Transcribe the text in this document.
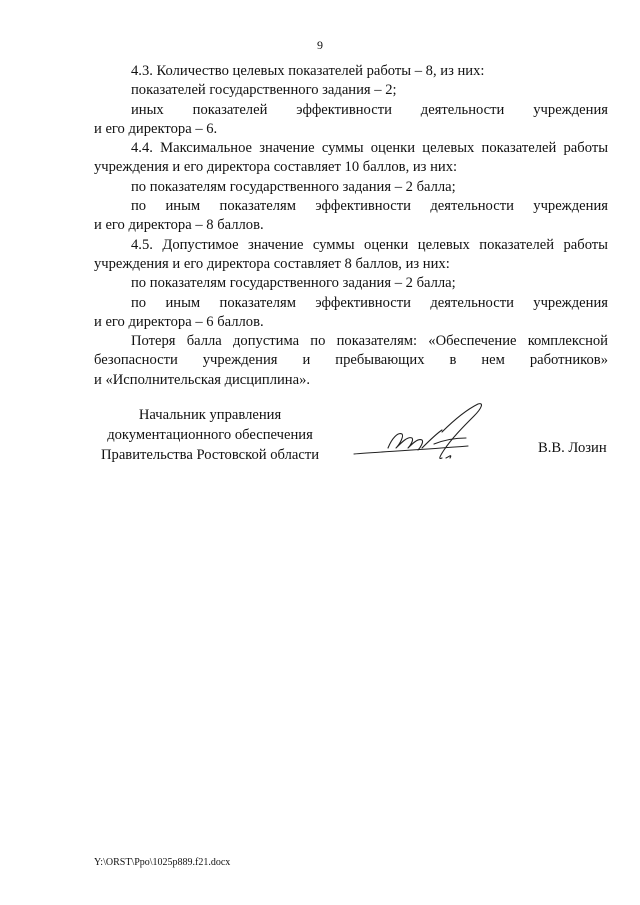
9

4.3. Количество целевых показателей работы – 8, из них:

показателей государственного задания – 2;

иных показателей эффективности деятельности учреждения

и его директора – 6.

4.4. Максимальное значение суммы оценки целевых показателей работы учреждения и его директора составляет 10 баллов, из них:

по показателям государственного задания – 2 балла;

по иным показателям эффективности деятельности учреждения

и его директора – 8 баллов.

4.5. Допустимое значение суммы оценки целевых показателей работы учреждения и его директора составляет 8 баллов, из них:

по показателям государственного задания – 2 балла;

по иным показателям эффективности деятельности учреждения

и его директора – 6 баллов.

Потеря балла допустима по показателям: «Обеспечение комплексной безопасности учреждения и пребывающих в нем работников»

и «Исполнительская дисциплина».

Начальник управления
документационного обеспечения
Правительства Ростовской области	В.В. Лозин
Y:\ORST\Ppo\1025p889.f21.docx
